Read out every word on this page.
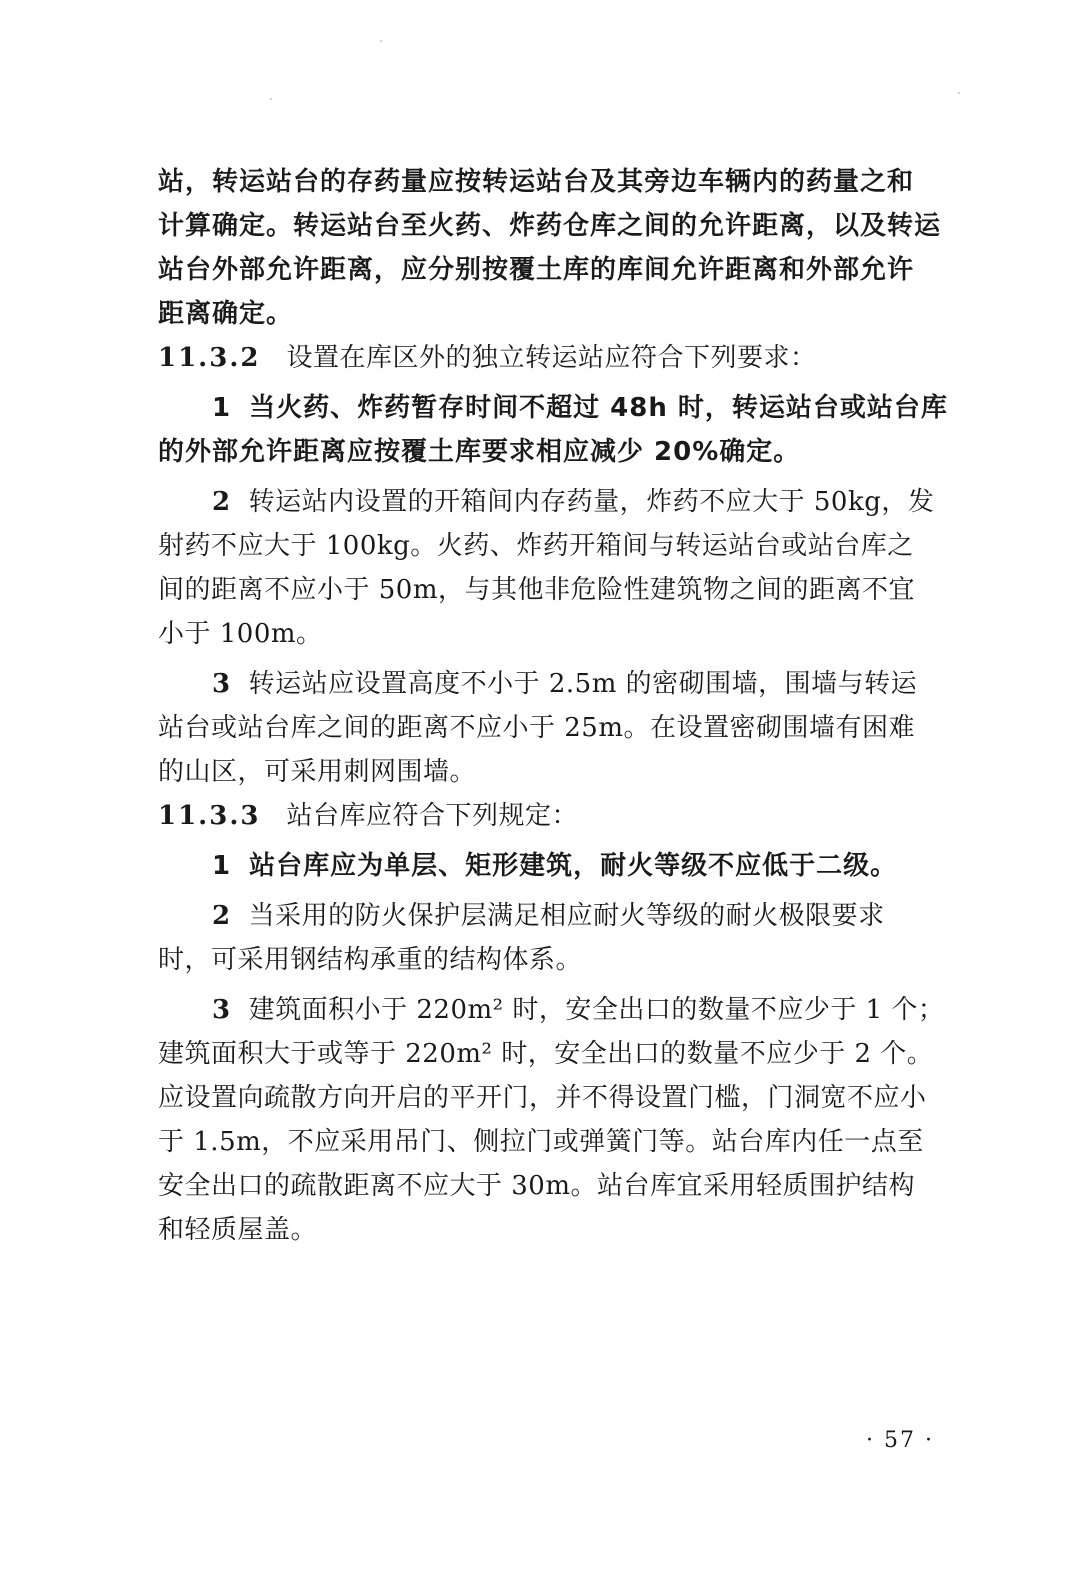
站，转运站台的存药量应按转运站台及其旁边车辆内的药量之和
计算确定。转运站台至火药、炸药仓库之间的允许距离，以及转运
站台外部允许距离，应分别按覆土库的库间允许距离和外部允许
距离确定。
11.3.2 设置在库区外的独立转运站应符合下列要求：
1 当火药、炸药暂存时间不超过 48h 时，转运站台或站台库
的外部允许距离应按覆土库要求相应减少 20%确定。
2 转运站内设置的开箱间内存药量，炸药不应大于 50kg，发
射药不应大于 100kg。火药、炸药开箱间与转运站台或站台库之
间的距离不应小于 50m，与其他非危险性建筑物之间的距离不宜
小于 100m。
3 转运站应设置高度不小于 2.5m 的密砌围墙，围墙与转运
站台或站台库之间的距离不应小于 25m。在设置密砌围墙有困难
的山区，可采用刺网围墙。
11.3.3 站台库应符合下列规定：
1 站台库应为单层、矩形建筑，耐火等级不应低于二级。
2 当采用的防火保护层满足相应耐火等级的耐火极限要求
时，可采用钢结构承重的结构体系。
3 建筑面积小于 220m² 时，安全出口的数量不应少于 1 个；
建筑面积大于或等于 220m² 时，安全出口的数量不应少于 2 个。
应设置向疏散方向开启的平开门，并不得设置门槛，门洞宽不应小
于 1.5m，不应采用吊门、侧拉门或弹簧门等。站台库内任一点至
安全出口的疏散距离不应大于 30m。站台库宜采用轻质围护结构
和轻质屋盖。
· 57 ·
